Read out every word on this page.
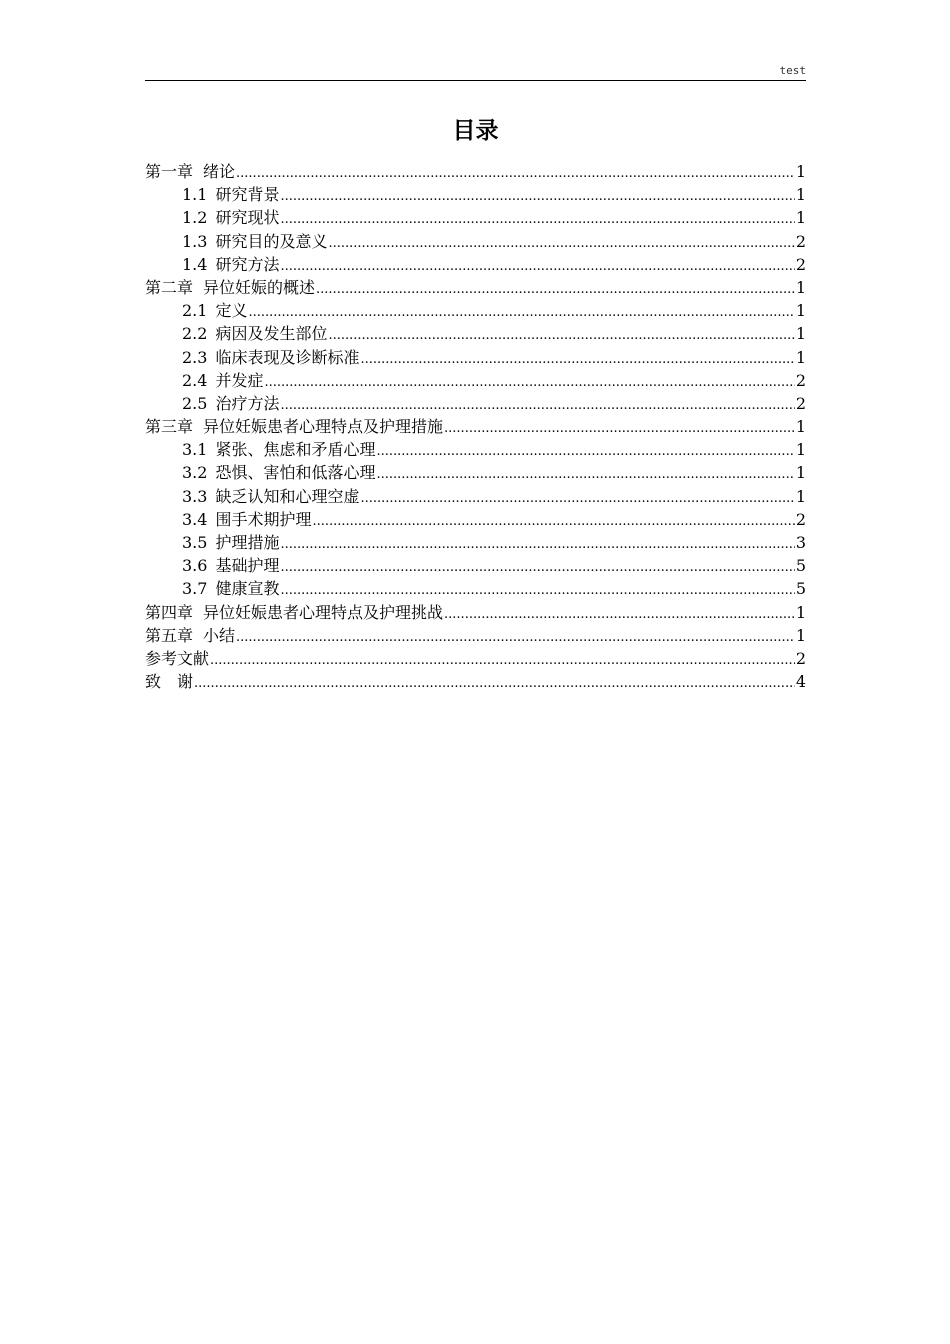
test
目录
第一章 绪论 .....	1
1.1 研究背景 .....	1
1.2 研究现状 .....	1
1.3 研究目的及意义 .....	2
1.4 研究方法 .....	2
第二章 异位妊娠的概述 .....	1
2.1 定义 .....	1
2.2 病因及发生部位 .....	1
2.3 临床表现及诊断标准 .....	1
2.4 并发症 .....	2
2.5 治疗方法 .....	2
第三章 异位妊娠患者心理特点及护理措施 .....	1
3.1 紧张、焦虑和矛盾心理 .....	1
3.2 恐惧、害怕和低落心理 .....	1
3.3 缺乏认知和心理空虚 .....	1
3.4 围手术期护理 .....	2
3.5 护理措施 .....	3
3.6 基础护理 .....	5
3.7 健康宣教 .....	5
第四章 异位妊娠患者心理特点及护理挑战 .....	1
第五章 小结 .....	1
参考文献 .....	2
致　谢 .....	4
